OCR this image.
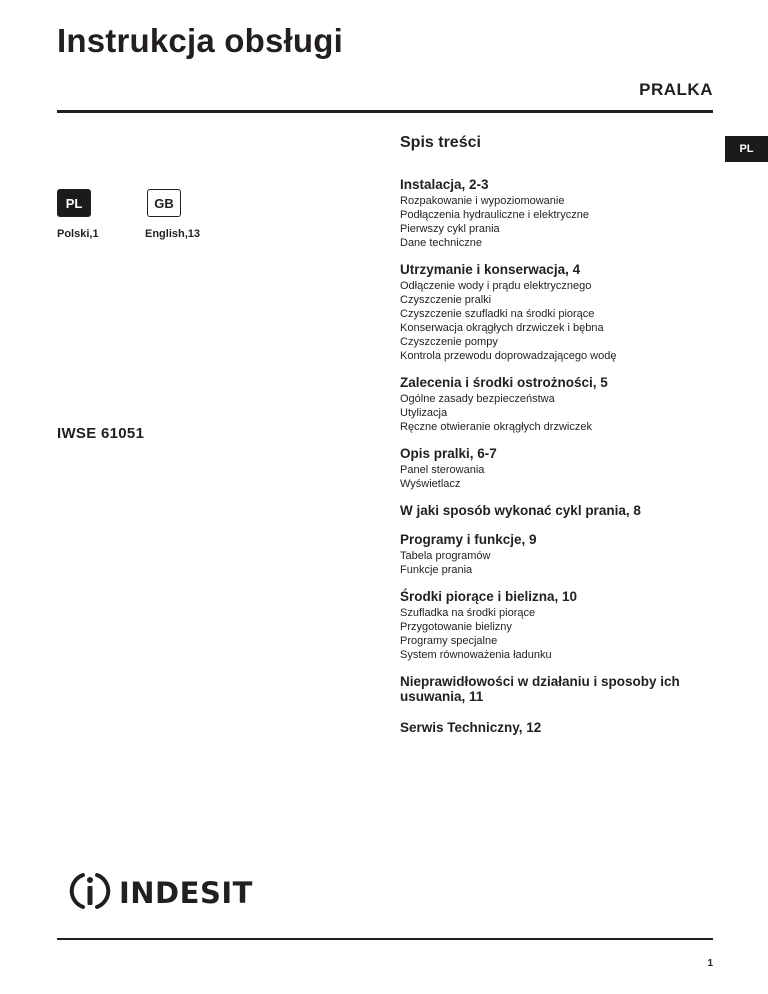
Instrukcja obsługi
PRALKA
PL
PL	GB
Polski,1	English,13
IWSE 61051
Spis treści
Instalacja, 2-3
Rozpakowanie i wypoziomowanie
Podłączenia hydrauliczne i elektryczne
Pierwszy cykl prania
Dane techniczne
Utrzymanie i konserwacja, 4
Odłączenie wody i prądu elektrycznego
Czyszczenie pralki
Czyszczenie szufladki na środki piorące
Konserwacja okrągłych drzwiczek i bębna
Czyszczenie pompy
Kontrola przewodu doprowadzającego wodę
Zalecenia i środki ostrożności, 5
Ogólne zasady bezpieczeństwa
Utylizacja
Ręczne otwieranie okrągłych drzwiczek
Opis pralki, 6-7
Panel sterowania
Wyświetlacz
W jaki sposób wykonać cykl prania, 8
Programy i funkcje, 9
Tabela programów
Funkcje prania
Środki piorące i bielizna, 10
Szufladka na środki piorące
Przygotowanie bielizny
Programy specjalne
System równoważenia ładunku
Nieprawidłowości w działaniu i sposoby ich usuwania, 11
Serwis Techniczny, 12
INDESIT
1
